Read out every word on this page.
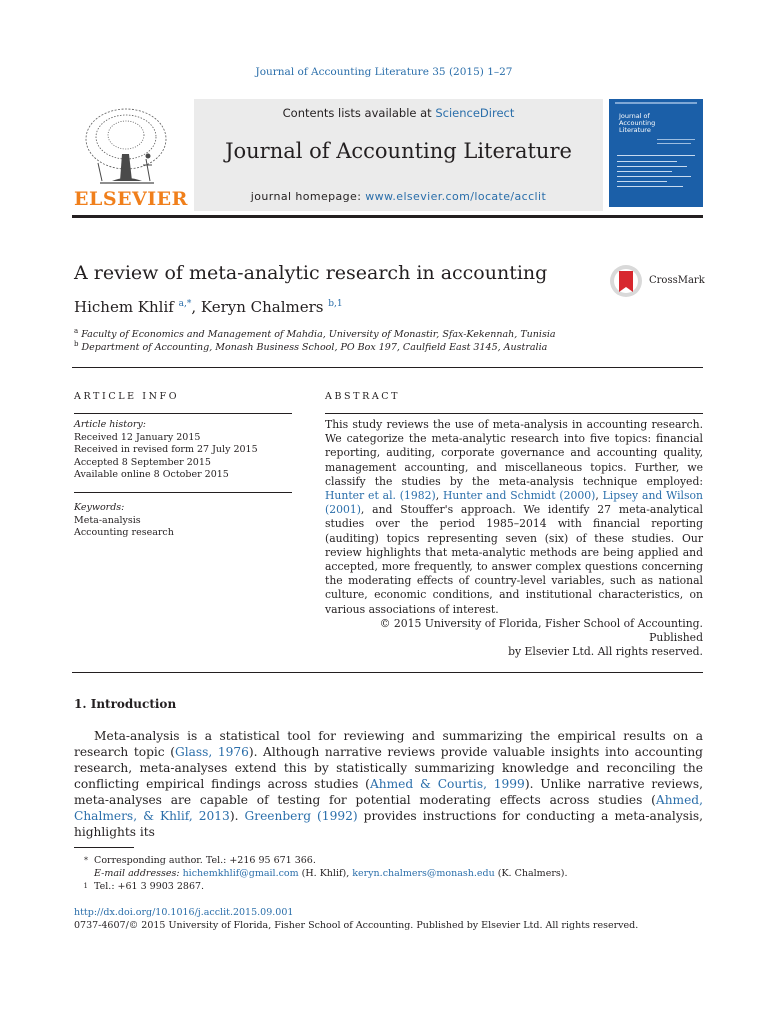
Journal of Accounting Literature 35 (2015) 1–27
ELSEVIER
Contents lists available at ScienceDirect
Journal of Accounting Literature
journal homepage: www.elsevier.com/locate/acclit
Journal of Accounting Literature
A review of meta-analytic research in accounting	CrossMark
Hichem Khlif $^{a,*}$, Keryn Chalmers $^{b,1}$
$^a$ Faculty of Economics and Management of Mahdia, University of Monastir, Sfax-Kekennah, Tunisia
$^b$ Department of Accounting, Monash Business School, PO Box 197, Caulfield East 3145, Australia
ARTICLE INFO	ABSTRACT
Article history:
Received 12 January 2015
Received in revised form 27 July 2015
Accepted 8 September 2015
Available online 8 October 2015
Keywords:
Meta-analysis
Accounting research
This study reviews the use of meta-analysis in accounting research. We categorize the meta-analytic research into five topics: financial reporting, auditing, corporate governance and accounting quality, management accounting, and miscellaneous topics. Further, we classify the studies by the meta-analysis technique employed: Hunter et al. (1982), Hunter and Schmidt (2000), Lipsey and Wilson (2001), and Stouffer's approach. We identify 27 meta-analytical studies over the period 1985–2014 with financial reporting (auditing) topics representing seven (six) of these studies. Our review highlights that meta-analytic methods are being applied and accepted, more frequently, to answer complex questions concerning the moderating effects of country-level variables, such as national culture, economic conditions, and institutional characteristics, on various associations of interest.
© 2015 University of Florida, Fisher School of Accounting. Published
by Elsevier Ltd. All rights reserved.
1. Introduction
Meta-analysis is a statistical tool for reviewing and summarizing the empirical results on a research topic (Glass, 1976). Although narrative reviews provide valuable insights into accounting research, meta-analyses extend this by statistically summarizing knowledge and reconciling the conflicting empirical findings across studies (Ahmed & Courtis, 1999). Unlike narrative reviews, meta-analyses are capable of testing for potential moderating effects across studies (Ahmed, Chalmers, & Khlif, 2013). Greenberg (1992) provides instructions for conducting a meta-analysis, highlights its
* Corresponding author. Tel.: +216 95 671 366.
E-mail addresses: hichemkhlif@gmail.com (H. Khlif), keryn.chalmers@monash.edu (K. Chalmers).
1 Tel.: +61 3 9903 2867.
http://dx.doi.org/10.1016/j.acclit.2015.09.001
0737-4607/© 2015 University of Florida, Fisher School of Accounting. Published by Elsevier Ltd. All rights reserved.
